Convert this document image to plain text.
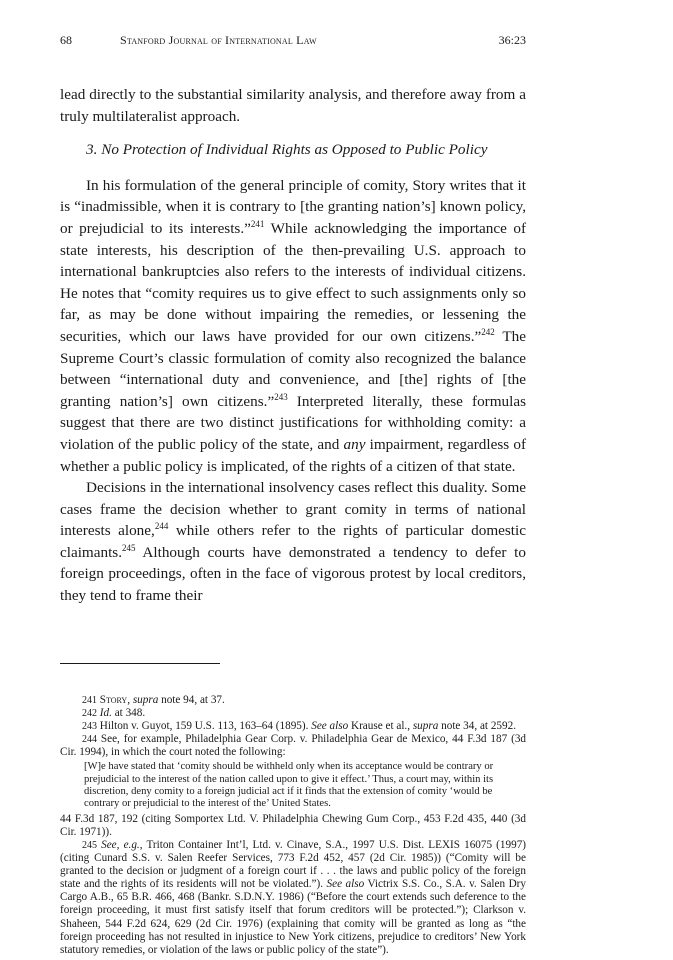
68	Stanford Journal of International Law	36:23

lead directly to the substantial similarity analysis, and therefore away from a truly multilateralist approach.

3. No Protection of Individual Rights as Opposed to Public Policy

In his formulation of the general principle of comity, Story writes that it is “inadmissible, when it is contrary to [the granting nation’s] known policy, or prejudicial to its interests.”$^{241}$ While acknowledging the importance of state interests, his description of the then-prevailing U.S. approach to international bankruptcies also refers to the interests of individual citizens. He notes that “comity requires us to give effect to such assignments only so far, as may be done without impairing the remedies, or lessening the securities, which our laws have provided for our own citizens.”$^{242}$ The Supreme Court’s classic formulation of comity also recognized the balance between “international duty and convenience, and [the] rights of [the granting nation’s] own citizens.”$^{243}$ Interpreted literally, these formulas suggest that there are two distinct justifications for withholding comity: a violation of the public policy of the state, and any impairment, regardless of whether a public policy is implicated, of the rights of a citizen of that state.

Decisions in the international insolvency cases reflect this duality. Some cases frame the decision whether to grant comity in terms of national interests alone,$^{244}$ while others refer to the rights of particular domestic claimants.$^{245}$ Although courts have demonstrated a tendency to defer to foreign proceedings, often in the face of vigorous protest by local creditors, they tend to frame their

241 Story, supra note 94, at 37.

242 Id. at 348.

243 Hilton v. Guyot, 159 U.S. 113, 163–64 (1895). See also Krause et al., supra note 34, at 2592.

244 See, for example, Philadelphia Gear Corp. v. Philadelphia Gear de Mexico, 44 F.3d 187 (3d Cir. 1994), in which the court noted the following:

[W]e have stated that ‘comity should be withheld only when its acceptance would be contrary or prejudicial to the interest of the nation called upon to give it effect.’ Thus, a court may, within its discretion, deny comity to a foreign judicial act if it finds that the extension of comity ‘would be contrary or prejudicial to the interest of the’ United States.

44 F.3d 187, 192 (citing Somportex Ltd. V. Philadelphia Chewing Gum Corp., 453 F.2d 435, 440 (3d Cir. 1971)).

245 See, e.g., Triton Container Int’l, Ltd. v. Cinave, S.A., 1997 U.S. Dist. LEXIS 16075 (1997) (citing Cunard S.S. v. Salen Reefer Services, 773 F.2d 452, 457 (2d Cir. 1985)) (“Comity will be granted to the decision or judgment of a foreign court if . . . the laws and public policy of the foreign state and the rights of its residents will not be violated.”). See also Victrix S.S. Co., S.A. v. Salen Dry Cargo A.B., 65 B.R. 466, 468 (Bankr. S.D.N.Y. 1986) (“Before the court extends such deference to the foreign proceeding, it must first satisfy itself that forum creditors will be protected.”); Clarkson v. Shaheen, 544 F.2d 624, 629 (2d Cir. 1976) (explaining that comity will be granted as long as “the foreign proceeding has not resulted in injustice to New York citizens, prejudice to creditors’ New York statutory remedies, or violation of the laws or public policy of the state”).
